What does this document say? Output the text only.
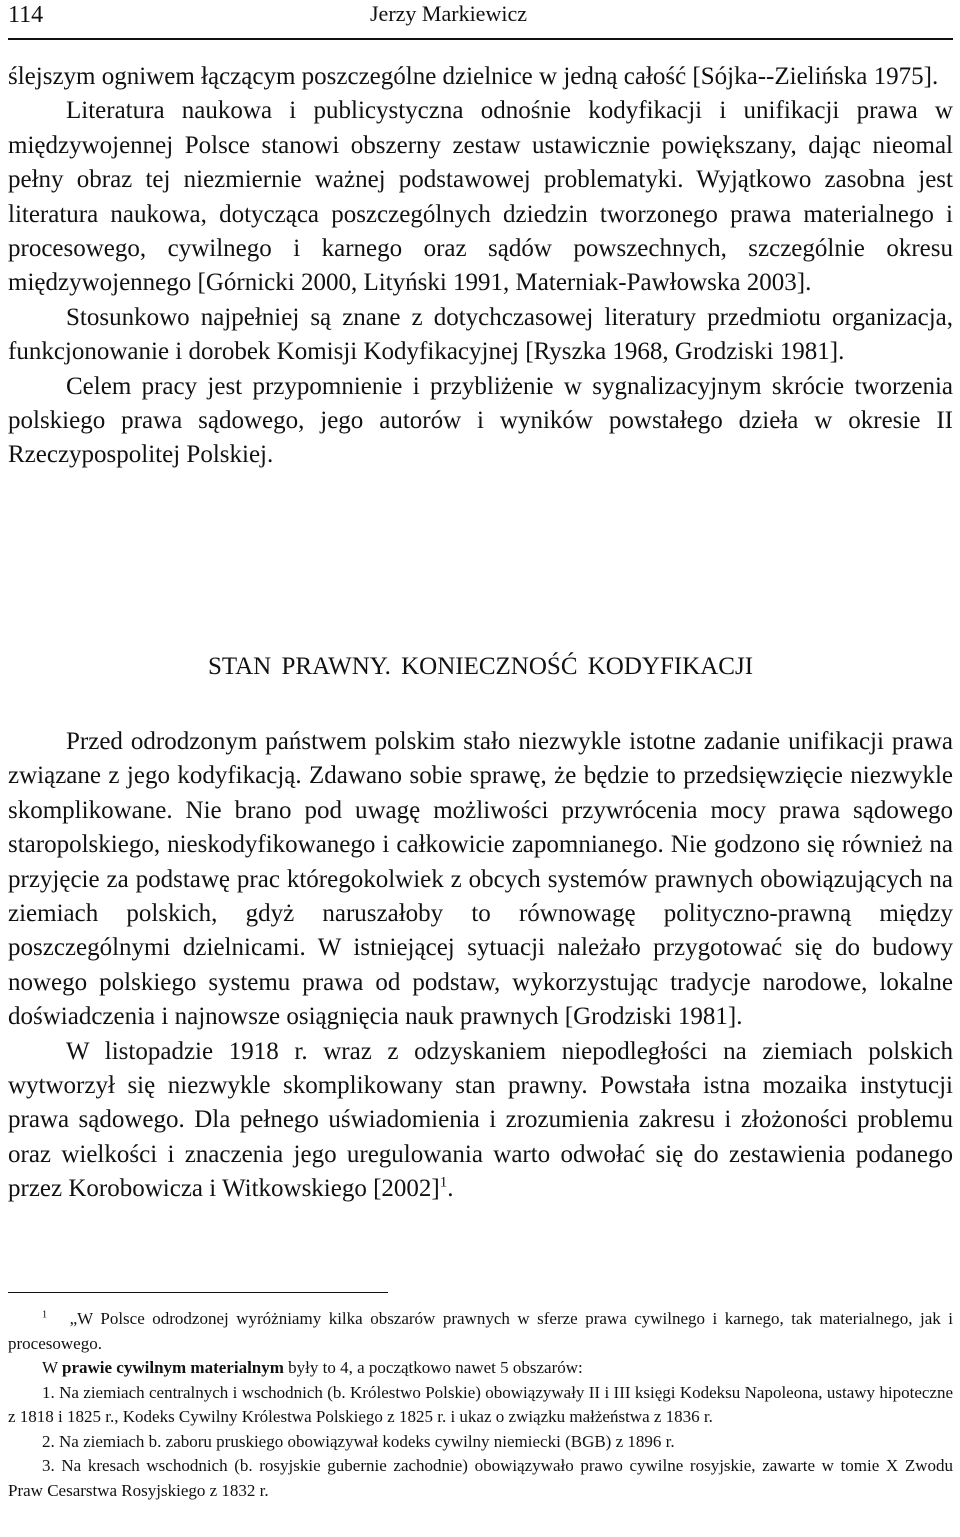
114	Jerzy Markiewicz

ślejszym ogniwem łączącym poszczególne dzielnice w jedną całość [Sójka--Zielińska 1975].

Literatura naukowa i publicystyczna odnośnie kodyfikacji i unifikacji prawa w międzywojennej Polsce stanowi obszerny zestaw ustawicznie powiększany, dając nieomal pełny obraz tej niezmiernie ważnej podstawowej problematyki. Wyjątkowo zasobna jest literatura naukowa, dotycząca poszczególnych dziedzin tworzonego prawa materialnego i procesowego, cywilnego i karnego oraz sądów powszechnych, szczególnie okresu międzywojennego [Górnicki 2000, Lityński 1991, Materniak-Pawłowska 2003].

Stosunkowo najpełniej są znane z dotychczasowej literatury przedmiotu organizacja, funkcjonowanie i dorobek Komisji Kodyfikacyjnej [Ryszka 1968, Grodziski 1981].

Celem pracy jest przypomnienie i przybliżenie w sygnalizacyjnym skrócie tworzenia polskiego prawa sądowego, jego autorów i wyników powstałego dzieła w okresie II Rzeczypospolitej Polskiej.

STAN PRAWNY. KONIECZNOŚĆ KODYFIKACJI

Przed odrodzonym państwem polskim stało niezwykle istotne zadanie unifikacji prawa związane z jego kodyfikacją. Zdawano sobie sprawę, że będzie to przedsięwzięcie niezwykle skomplikowane. Nie brano pod uwagę możliwości przywrócenia mocy prawa sądowego staropolskiego, nieskodyfikowanego i całkowicie zapomnianego. Nie godzono się również na przyjęcie za podstawę prac któregokolwiek z obcych systemów prawnych obowiązujących na ziemiach polskich, gdyż naruszałoby to równowagę polityczno-prawną między poszczególnymi dzielnicami. W istniejącej sytuacji należało przygotować się do budowy nowego polskiego systemu prawa od podstaw, wykorzystując tradycje narodowe, lokalne doświadczenia i najnowsze osiągnięcia nauk prawnych [Grodziski 1981].

W listopadzie 1918 r. wraz z odzyskaniem niepodległości na ziemiach polskich wytworzył się niezwykle skomplikowany stan prawny. Powstała istna mozaika instytucji prawa sądowego. Dla pełnego uświadomienia i zrozumienia zakresu i złożoności problemu oraz wielkości i znaczenia jego uregulowania warto odwołać się do zestawienia podanego przez Korobowicza i Witkowskiego $[2002]^1$.

$^1$ „W Polsce odrodzonej wyróżniamy kilka obszarów prawnych w sferze prawa cywilnego i karnego, tak materialnego, jak i procesowego.

W prawie cywilnym materialnym były to 4, a początkowo nawet 5 obszarów:

1. Na ziemiach centralnych i wschodnich (b. Królestwo Polskie) obowiązywały II i III księgi Kodeksu Napoleona, ustawy hipoteczne z 1818 i 1825 r., Kodeks Cywilny Królestwa Polskiego z 1825 r. i ukaz o związku małżeństwa z 1836 r.

2. Na ziemiach b. zaboru pruskiego obowiązywał kodeks cywilny niemiecki (BGB) z 1896 r.

3. Na kresach wschodnich (b. rosyjskie gubernie zachodnie) obowiązywało prawo cywilne rosyjskie, zawarte w tomie X Zwodu Praw Cesarstwa Rosyjskiego z 1832 r.
